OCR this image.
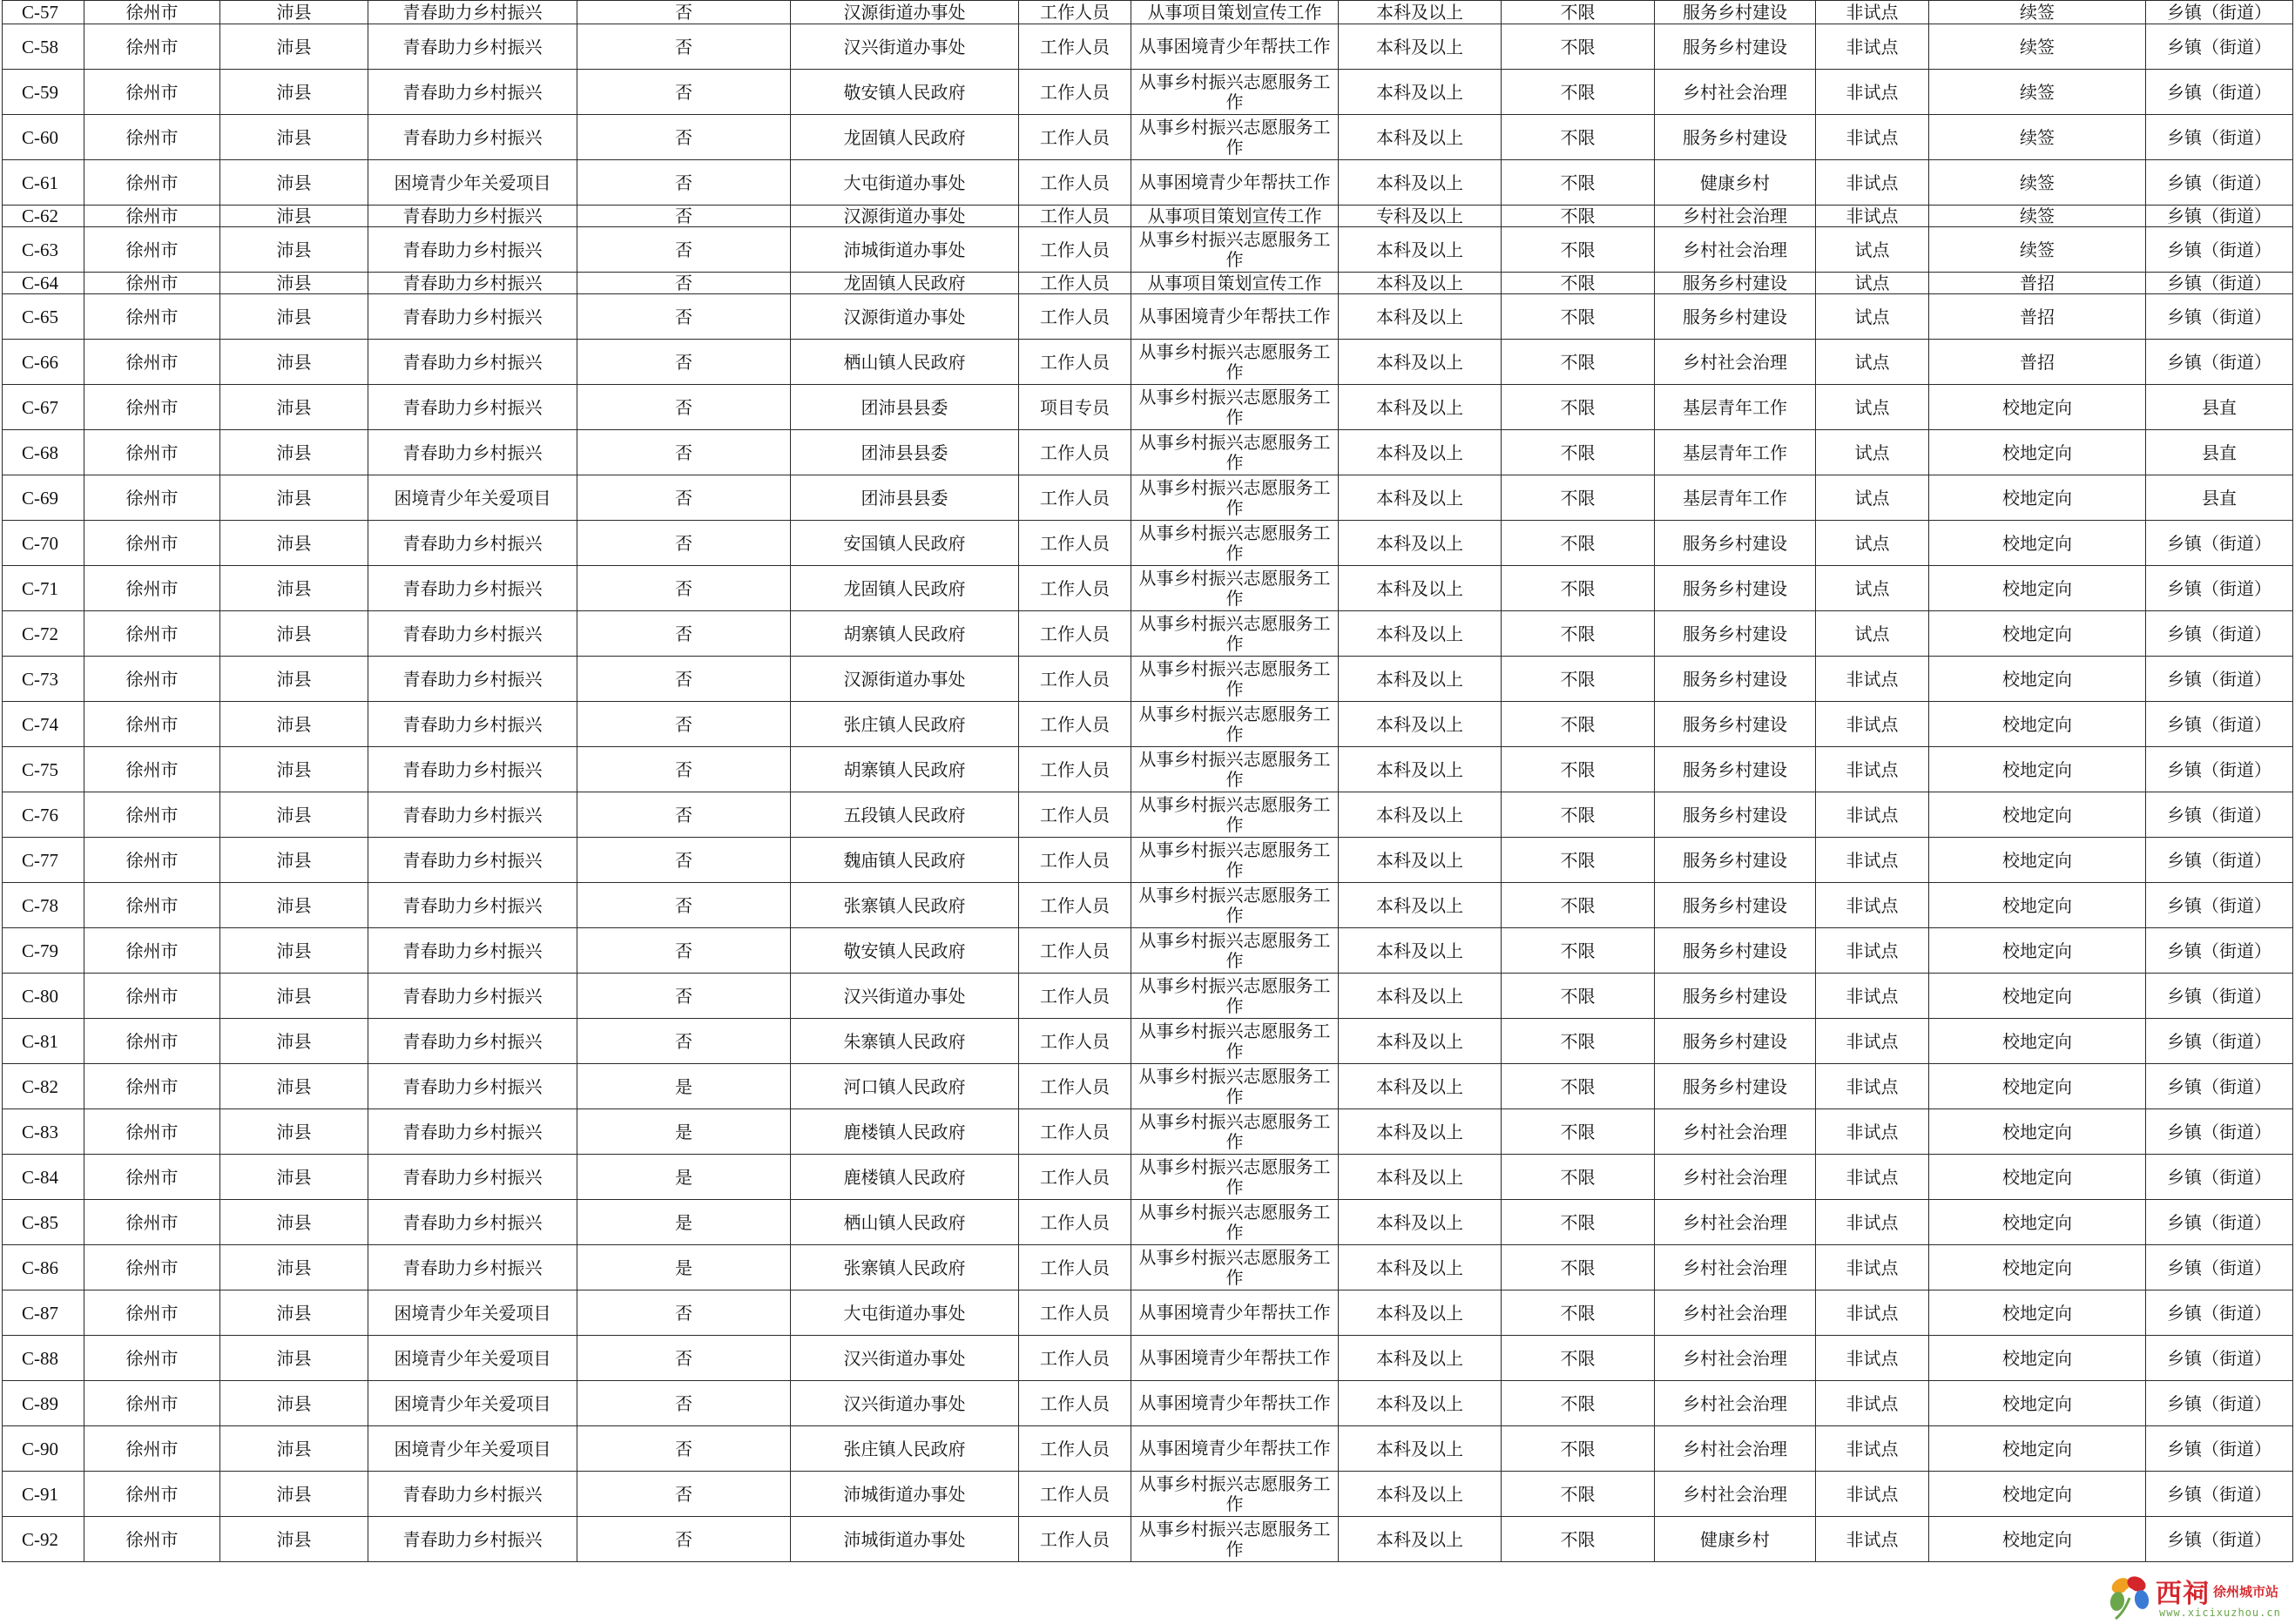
C-57	徐州市	沛县	青春助力乡村振兴	否	汉源街道办事处	工作人员	从事项目策划宣传工作	本科及以上	不限	服务乡村建设	非试点	续签	乡镇（街道）
C-58	徐州市	沛县	青春助力乡村振兴	否	汉兴街道办事处	工作人员	从事困境青少年帮扶工作	本科及以上	不限	服务乡村建设	非试点	续签	乡镇（街道）
C-59	徐州市	沛县	青春助力乡村振兴	否	敬安镇人民政府	工作人员	从事乡村振兴志愿服务工作	本科及以上	不限	乡村社会治理	非试点	续签	乡镇（街道）
C-60	徐州市	沛县	青春助力乡村振兴	否	龙固镇人民政府	工作人员	从事乡村振兴志愿服务工作	本科及以上	不限	服务乡村建设	非试点	续签	乡镇（街道）
C-61	徐州市	沛县	困境青少年关爱项目	否	大屯街道办事处	工作人员	从事困境青少年帮扶工作	本科及以上	不限	健康乡村	非试点	续签	乡镇（街道）
C-62	徐州市	沛县	青春助力乡村振兴	否	汉源街道办事处	工作人员	从事项目策划宣传工作	专科及以上	不限	乡村社会治理	非试点	续签	乡镇（街道）
C-63	徐州市	沛县	青春助力乡村振兴	否	沛城街道办事处	工作人员	从事乡村振兴志愿服务工作	本科及以上	不限	乡村社会治理	试点	续签	乡镇（街道）
C-64	徐州市	沛县	青春助力乡村振兴	否	龙固镇人民政府	工作人员	从事项目策划宣传工作	本科及以上	不限	服务乡村建设	试点	普招	乡镇（街道）
C-65	徐州市	沛县	青春助力乡村振兴	否	汉源街道办事处	工作人员	从事困境青少年帮扶工作	本科及以上	不限	服务乡村建设	试点	普招	乡镇（街道）
C-66	徐州市	沛县	青春助力乡村振兴	否	栖山镇人民政府	工作人员	从事乡村振兴志愿服务工作	本科及以上	不限	乡村社会治理	试点	普招	乡镇（街道）
C-67	徐州市	沛县	青春助力乡村振兴	否	团沛县县委	项目专员	从事乡村振兴志愿服务工作	本科及以上	不限	基层青年工作	试点	校地定向	县直
C-68	徐州市	沛县	青春助力乡村振兴	否	团沛县县委	工作人员	从事乡村振兴志愿服务工作	本科及以上	不限	基层青年工作	试点	校地定向	县直
C-69	徐州市	沛县	困境青少年关爱项目	否	团沛县县委	工作人员	从事乡村振兴志愿服务工作	本科及以上	不限	基层青年工作	试点	校地定向	县直
C-70	徐州市	沛县	青春助力乡村振兴	否	安国镇人民政府	工作人员	从事乡村振兴志愿服务工作	本科及以上	不限	服务乡村建设	试点	校地定向	乡镇（街道）
C-71	徐州市	沛县	青春助力乡村振兴	否	龙固镇人民政府	工作人员	从事乡村振兴志愿服务工作	本科及以上	不限	服务乡村建设	试点	校地定向	乡镇（街道）
C-72	徐州市	沛县	青春助力乡村振兴	否	胡寨镇人民政府	工作人员	从事乡村振兴志愿服务工作	本科及以上	不限	服务乡村建设	试点	校地定向	乡镇（街道）
C-73	徐州市	沛县	青春助力乡村振兴	否	汉源街道办事处	工作人员	从事乡村振兴志愿服务工作	本科及以上	不限	服务乡村建设	非试点	校地定向	乡镇（街道）
C-74	徐州市	沛县	青春助力乡村振兴	否	张庄镇人民政府	工作人员	从事乡村振兴志愿服务工作	本科及以上	不限	服务乡村建设	非试点	校地定向	乡镇（街道）
C-75	徐州市	沛县	青春助力乡村振兴	否	胡寨镇人民政府	工作人员	从事乡村振兴志愿服务工作	本科及以上	不限	服务乡村建设	非试点	校地定向	乡镇（街道）
C-76	徐州市	沛县	青春助力乡村振兴	否	五段镇人民政府	工作人员	从事乡村振兴志愿服务工作	本科及以上	不限	服务乡村建设	非试点	校地定向	乡镇（街道）
C-77	徐州市	沛县	青春助力乡村振兴	否	魏庙镇人民政府	工作人员	从事乡村振兴志愿服务工作	本科及以上	不限	服务乡村建设	非试点	校地定向	乡镇（街道）
C-78	徐州市	沛县	青春助力乡村振兴	否	张寨镇人民政府	工作人员	从事乡村振兴志愿服务工作	本科及以上	不限	服务乡村建设	非试点	校地定向	乡镇（街道）
C-79	徐州市	沛县	青春助力乡村振兴	否	敬安镇人民政府	工作人员	从事乡村振兴志愿服务工作	本科及以上	不限	服务乡村建设	非试点	校地定向	乡镇（街道）
C-80	徐州市	沛县	青春助力乡村振兴	否	汉兴街道办事处	工作人员	从事乡村振兴志愿服务工作	本科及以上	不限	服务乡村建设	非试点	校地定向	乡镇（街道）
C-81	徐州市	沛县	青春助力乡村振兴	否	朱寨镇人民政府	工作人员	从事乡村振兴志愿服务工作	本科及以上	不限	服务乡村建设	非试点	校地定向	乡镇（街道）
C-82	徐州市	沛县	青春助力乡村振兴	是	河口镇人民政府	工作人员	从事乡村振兴志愿服务工作	本科及以上	不限	服务乡村建设	非试点	校地定向	乡镇（街道）
C-83	徐州市	沛县	青春助力乡村振兴	是	鹿楼镇人民政府	工作人员	从事乡村振兴志愿服务工作	本科及以上	不限	乡村社会治理	非试点	校地定向	乡镇（街道）
C-84	徐州市	沛县	青春助力乡村振兴	是	鹿楼镇人民政府	工作人员	从事乡村振兴志愿服务工作	本科及以上	不限	乡村社会治理	非试点	校地定向	乡镇（街道）
C-85	徐州市	沛县	青春助力乡村振兴	是	栖山镇人民政府	工作人员	从事乡村振兴志愿服务工作	本科及以上	不限	乡村社会治理	非试点	校地定向	乡镇（街道）
C-86	徐州市	沛县	青春助力乡村振兴	是	张寨镇人民政府	工作人员	从事乡村振兴志愿服务工作	本科及以上	不限	乡村社会治理	非试点	校地定向	乡镇（街道）
C-87	徐州市	沛县	困境青少年关爱项目	否	大屯街道办事处	工作人员	从事困境青少年帮扶工作	本科及以上	不限	乡村社会治理	非试点	校地定向	乡镇（街道）
C-88	徐州市	沛县	困境青少年关爱项目	否	汉兴街道办事处	工作人员	从事困境青少年帮扶工作	本科及以上	不限	乡村社会治理	非试点	校地定向	乡镇（街道）
C-89	徐州市	沛县	困境青少年关爱项目	否	汉兴街道办事处	工作人员	从事困境青少年帮扶工作	本科及以上	不限	乡村社会治理	非试点	校地定向	乡镇（街道）
C-90	徐州市	沛县	困境青少年关爱项目	否	张庄镇人民政府	工作人员	从事困境青少年帮扶工作	本科及以上	不限	乡村社会治理	非试点	校地定向	乡镇（街道）
C-91	徐州市	沛县	青春助力乡村振兴	否	沛城街道办事处	工作人员	从事乡村振兴志愿服务工作	本科及以上	不限	乡村社会治理	非试点	校地定向	乡镇（街道）
C-92	徐州市	沛县	青春助力乡村振兴	否	沛城街道办事处	工作人员	从事乡村振兴志愿服务工作	本科及以上	不限	健康乡村	非试点	校地定向	乡镇（街道）
西祠 徐州城市站
www.xicixuzhou.cn
